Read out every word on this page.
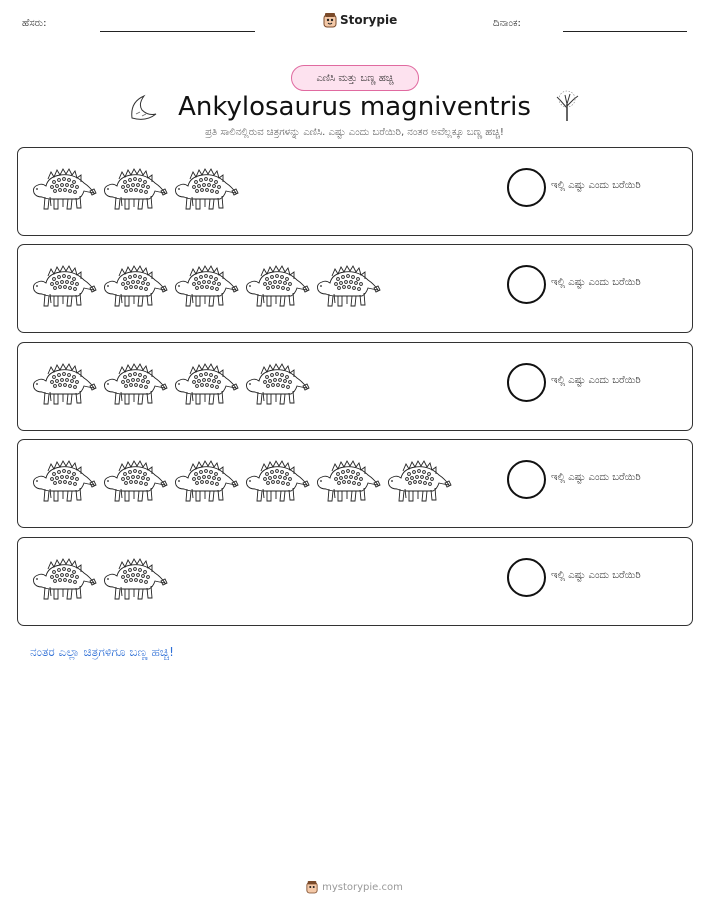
ಹೆಸರು:	Storypie	ದಿನಾಂಕ:
ಎಣಿಸಿ ಮತ್ತು ಬಣ್ಣ ಹಚ್ಚಿ
Ankylosaurus magniventris
ಪ್ರತಿ ಸಾಲಿನಲ್ಲಿರುವ ಚಿತ್ರಗಳನ್ನು ಎಣಿಸಿ. ಎಷ್ಟು ಎಂದು ಬರೆಯಿರಿ, ನಂತರ ಅವೆಲ್ಲಕ್ಕೂ ಬಣ್ಣ ಹಚ್ಚಿ!
ಇಲ್ಲಿ ಎಷ್ಟು ಎಂದು ಬರೆಯಿರಿ
ಇಲ್ಲಿ ಎಷ್ಟು ಎಂದು ಬರೆಯಿರಿ
ಇಲ್ಲಿ ಎಷ್ಟು ಎಂದು ಬರೆಯಿರಿ
ಇಲ್ಲಿ ಎಷ್ಟು ಎಂದು ಬರೆಯಿರಿ
ಇಲ್ಲಿ ಎಷ್ಟು ಎಂದು ಬರೆಯಿರಿ
ನಂತರ ಎಲ್ಲಾ ಚಿತ್ರಗಳಿಗೂ ಬಣ್ಣ ಹಚ್ಚಿ!
mystorypie.com
